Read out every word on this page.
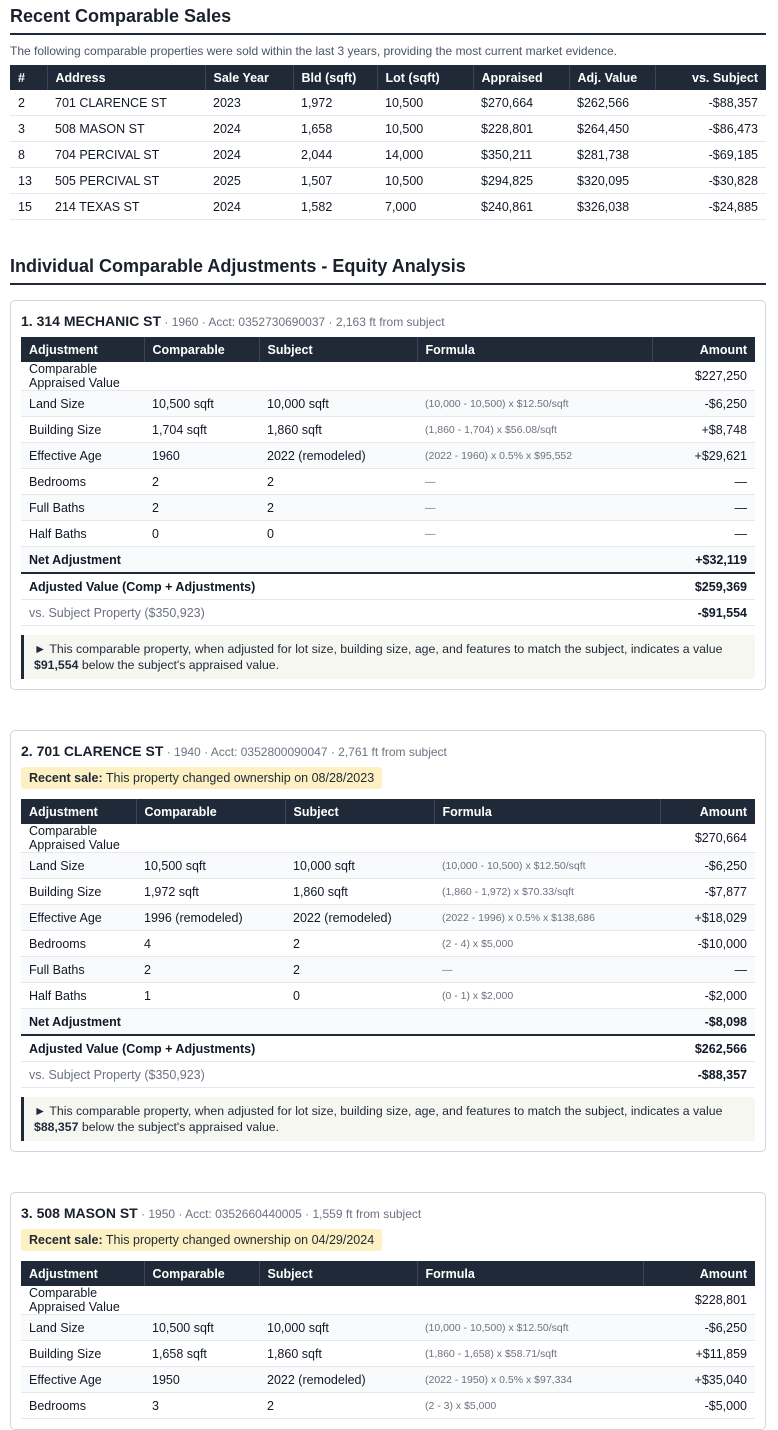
Recent Comparable Sales
The following comparable properties were sold within the last 3 years, providing the most current market evidence.
#	Address	Sale Year	Bld (sqft)	Lot (sqft)	Appraised	Adj. Value	vs. Subject
2	701 CLARENCE ST	2023	1,972	10,500	$270,664	$262,566	-$88,357
3	508 MASON ST	2024	1,658	10,500	$228,801	$264,450	-$86,473
8	704 PERCIVAL ST	2024	2,044	14,000	$350,211	$281,738	-$69,185
13	505 PERCIVAL ST	2025	1,507	10,500	$294,825	$320,095	-$30,828
15	214 TEXAS ST	2024	1,582	7,000	$240,861	$326,038	-$24,885
Individual Comparable Adjustments - Equity Analysis
1. 314 MECHANIC ST · 1960 · Acct: 0352730690037 · 2,163 ft from subject
Adjustment	Comparable	Subject	Formula	Amount
Comparable Appraised Value				$227,250
Land Size	10,500 sqft	10,000 sqft	(10,000 - 10,500) x $12.50/sqft	-$6,250
Building Size	1,704 sqft	1,860 sqft	(1,860 - 1,704) x $56.08/sqft	+$8,748
Effective Age	1960	2022 (remodeled)	(2022 - 1960) x 0.5% x $95,552	+$29,621
Bedrooms	2	2	—	—
Full Baths	2	2	—	—
Half Baths	0	0	—	—
Net Adjustment				+$32,119
Adjusted Value (Comp + Adjustments)				$259,369
vs. Subject Property ($350,923)				-$91,554
► This comparable property, when adjusted for lot size, building size, age, and features to match the subject, indicates a value $91,554 below the subject's appraised value.
2. 701 CLARENCE ST · 1940 · Acct: 0352800090047 · 2,761 ft from subject
Recent sale: This property changed ownership on 08/28/2023
Adjustment	Comparable	Subject	Formula	Amount
Comparable Appraised Value				$270,664
Land Size	10,500 sqft	10,000 sqft	(10,000 - 10,500) x $12.50/sqft	-$6,250
Building Size	1,972 sqft	1,860 sqft	(1,860 - 1,972) x $70.33/sqft	-$7,877
Effective Age	1996 (remodeled)	2022 (remodeled)	(2022 - 1996) x 0.5% x $138,686	+$18,029
Bedrooms	4	2	(2 - 4) x $5,000	-$10,000
Full Baths	2	2	—	—
Half Baths	1	0	(0 - 1) x $2,000	-$2,000
Net Adjustment				-$8,098
Adjusted Value (Comp + Adjustments)				$262,566
vs. Subject Property ($350,923)				-$88,357
► This comparable property, when adjusted for lot size, building size, age, and features to match the subject, indicates a value $88,357 below the subject's appraised value.
3. 508 MASON ST · 1950 · Acct: 0352660440005 · 1,559 ft from subject
Recent sale: This property changed ownership on 04/29/2024
Adjustment	Comparable	Subject	Formula	Amount
Comparable Appraised Value				$228,801
Land Size	10,500 sqft	10,000 sqft	(10,000 - 10,500) x $12.50/sqft	-$6,250
Building Size	1,658 sqft	1,860 sqft	(1,860 - 1,658) x $58.71/sqft	+$11,859
Effective Age	1950	2022 (remodeled)	(2022 - 1950) x 0.5% x $97,334	+$35,040
Bedrooms	3	2	(2 - 3) x $5,000	-$5,000
